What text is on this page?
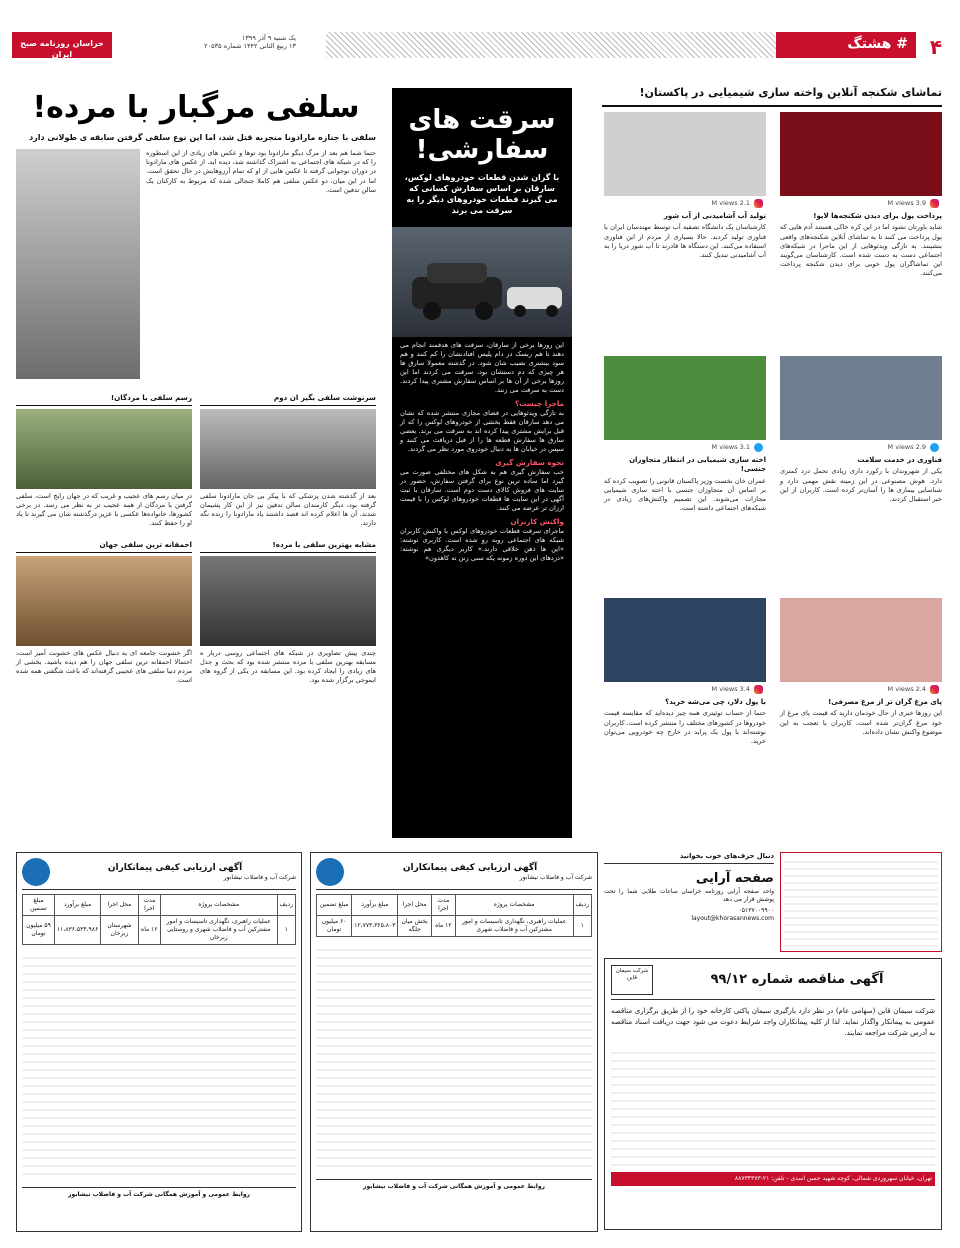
۴
# هشتگ
یک شنبه ۹ آذر ۱۳۹۹
۱۳ ربیع الثانی ۱۴۴۲ شماره ۲۰۵۳۵
خراسان روزنامه صبح ایران
تماشای شکنجه آنلاین واخته سازی شیمیایی در پاکستان!
3.9 M views
پرداخت پول برای دیدن شکنجه‌ها لایو!
شاید باورتان نشود اما در این کره خاکی هستند آدم هایی که پول پرداخت می کنند تا به تماشای آنلاین شکنجه‌های واقعی بنشینند. به تازگی ویدئوهایی از این ماجرا در شبکه‌های اجتماعی دست به دست شده است. کارشناسان می‌گویند این تماشاگران پول خوبی برای دیدن شکنجه پرداخت می‌کنند.
2.1 M views
تولید آب آشامیدنی از آب شور
کارشناسان یک دانشگاه تصفیه آب توسط مهندسان ایران با فناوری تولید کردند. حالا بسیاری از مردم از این فناوری استفاده می‌کنند. این دستگاه ها قادرند تا آب شور دریا را به آب آشامیدنی تبدیل کنند.
2.9 M views
فناوری در خدمت سلامت
یکی از شهروندان با رکورد داری زیادی تحمل درد کمتری دارد. هوش مصنوعی در این زمینه نقش مهمی دارد و شناسایی بیماری ها را آسان‌تر کرده است. کاربران از این خبر استقبال کردند.
3.1 M views
اخته سازی شیمیایی در انتظار متجاوزان جنسی!
عمران خان نخست وزیر پاکستان قانونی را تصویب کرده که بر اساس آن متجاوزان جنسی با اخته سازی شیمیایی مجازات می‌شوند. این تصمیم واکنش‌های زیادی در شبکه‌های اجتماعی داشته است.
2.4 M views
پای مرغ گران تر از مرغ مصرفی!
این روزها خبری از حال خودمان دارید که قیمت پای مرغ از خود مرغ گران‌تر شده است. کاربران با تعجب به این موضوع واکنش نشان داده‌اند.
3.4 M views
با پول دلار، چی می‌شه خرید؟
حتما از حساب توئیتری همه چیز دیده‌اید که مقایسه قیمت خودروها در کشورهای مختلف را منتشر کرده است. کاربران نوشته‌اند با پول یک پراید در خارج چه خودرویی می‌توان خرید.
سرقت های سفارشی!
با گران شدن قطعات خودروهای لوکس، سارقان بر اساس سفارش کسانی که می گیرند قطعات خودروهای دیگر را به سرقت می برند
این روزها برخی از سارقان، سرقت های هدفمند انجام می دهند تا هم ریسک در دام پلیس افتادنشان را کم کنند و هم سود بیشتری نصیب شان شود. در گذشته معمولا سارق ها هر چیزی که دم دستشان بود، سرقت می کردند اما این روزها برخی از آن ها بر اساس سفارش مشتری پیدا کردند. دست به سرقت می زنند.
ماجرا چیست؟
به تازگی ویدئوهایی در فضای مجازی منتشر شده که نشان می دهد سارقان فقط بخشی از خودروهای لوکس را که از قبل برایش مشتری پیدا کرده اند به سرقت می برند. بعضی سارق ها سفارش قطعه ها را از قبل دریافت می کنند و سپس در خیابان ها به دنبال خودروی مورد نظر می گردند.
نحوه سفارش گیری
خب سفارش گیری هم به شکل های مختلفی صورت می گیرد اما ساده ترین نوع برای گرفتن سفارش، حضور در سایت های فروش کالای دست دوم است. سارقان با ثبت آگهی در این سایت ها قطعات خودروهای لوکس را با قیمت ارزان تر عرضه می کنند.
واکنش کاربران
ماجرای سرقت قطعات خودروهای لوکس با واکنش کاربران شبکه های اجتماعی روبه رو شده است. کاربری نوشته: «این ها ذهن خلاقی دارند.» کاربر دیگری هم نوشته: «دزدهای این دوره زمونه یکه سنی زنن نه کاهدون»
سلفی مرگبار با مرده!
سلفی با جنازه مارادونا منجربه قتل شد، اما این نوع سلفی گرفتن سابقه ی طولانی دارد
حتما شما هم بعد از مرگ دیگو مارادونا بود توها و عکس های زیادی از این اسطوره را که در شبکه های اجتماعی به اشتراک گذاشته شد، دیده اید. از عکس های مارادونا در دوران نوجوانی گرفته تا عکس هایی از او که تمام آرزوهایش در حال تحقق است. اما در این میان، دو عکس سلفی هم کاملا جنجالی شده که مربوط به کارکنان یک سالن تدفین است.
سرنوشت سلفی بگیر ان دوم
بعد از گذشته شدن پزشکی که با پیکر بی جان مارادونا سلفی گرفته بود، دیگر کارمندان سالن تدفین نیز از این کار پشیمان شدند. آن ها اعلام کرده اند قصد داشتند یاد مارادونا را زنده نگه دارند.
مشابه بهترین سلفی با مرده!
چندی پیش تصاویری در شبکه های اجتماعی روسی دربار ه مسابقه بهترین سلفی با مرده منتشر شده بود که بحث و جدل های زیادی را ایجاد کرده بود. این مسابقه در یکی از گروه های ایموجی برگزار شده بود.
رسم سلفی با مردگان!
در میان رسم های عجیب و غریب که در جهان رایج است، سلفی گرفتن با مردگان از همه عجیب تر به نظر می رسد. در برخی کشورها، خانواده‌ها عکسی با عزیز درگذشته شان می گیرند تا یاد او را حفظ کنند.
احمقانه ترین سلفی جهان
اگر خشونت جامعه ای به دنبال عکس های خشونت آمیز است، احتمالا احمقانه ترین سلفی جهان را هم دیده باشید. بخشی از مردم دنیا سلفی های عجیبی گرفته‌اند که باعث شگفتی همه شده است.
دنبال حرف‌های خوب بخوانید
صفحه آرایی
واحد صفحه آرایی روزنامه خراسان ساعات طلایی شما را تحت پوشش قرار می دهد
۰۵۱۳۷۰۰۹۹۰۰
layout@khorasannews.com
آگهی مناقصه شماره ۹۹/۱۲
شرکت سیمان قاین
شرکت سیمان قاین (سهامی عام) در نظر دارد بارگیری سیمان پاکتی کارخانه خود را از طریق برگزاری مناقصه عمومی به پیمانکار واگذار نماید. لذا از کلیه پیمانکاران واجد شرایط دعوت می شود جهت دریافت اسناد مناقصه به آدرس شرکت مراجعه نمایند.
تهران، خیابان سهروردی شمالی، کوچه شهید حسن اسدی - تلفن: ۲۱-۸۸۷۳۴۳۷۳
آگهی ارزیابی کیفی پیمانکاران
شرکت آب و فاضلاب نیشابور
ردیف	مشخصات پروژه	مدت اجرا	محل اجرا	مبلغ برآورد	مبلغ تضمین
۱	عملیات راهبری، نگهداری تاسیسات و امور مشترکین آب و فاضلاب شهری و روستایی زبرخان	۱۲ ماه	شهرستان زبرخان	۱۱،۸۳۶،۵۳۴،۹۸۶	۵۹ میلیون تومان
روابط عمومی و آموزش همگانی شرکت آب و فاضلاب نیشابور
آگهی ارزیابی کیفی پیمانکاران
شرکت آب و فاضلاب نیشابور
ردیف	مشخصات پروژه	مدت اجرا	محل اجرا	مبلغ برآورد	مبلغ تضمین
۱	عملیات راهبری، نگهداری تاسیسات و امور مشترکین آب و فاضلاب شهری	۱۲ ماه	بخش میان جلگه	۱۲،۷۷۳،۳۶۵،۸۰۳	۶۰ میلیون تومان
روابط عمومی و آموزش همگانی شرکت آب و فاضلاب نیشابور
